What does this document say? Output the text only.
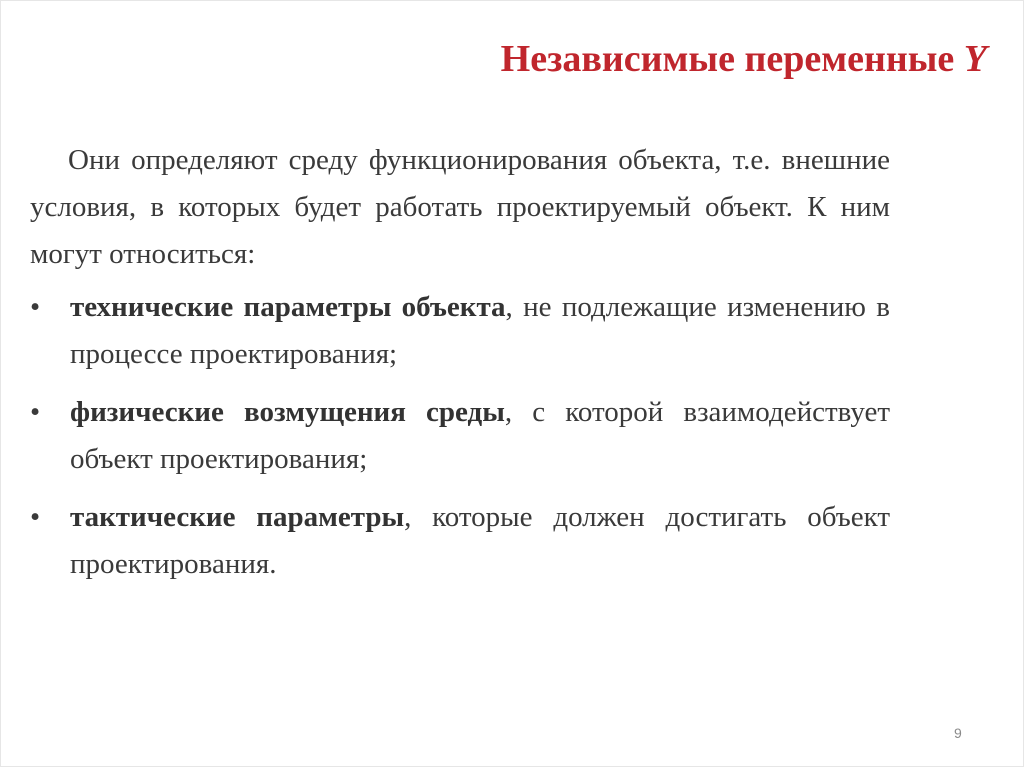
Независимые переменные Y

Они определяют среду функционирования объекта, т.е. внешние условия, в которых будет работать проектируемый объект. К ним могут относиться:

•	технические параметры объекта, не подлежащие изменению в процессе проектирования;
•	физические возмущения среды, с которой взаимодействует объект проектирования;
•	тактические параметры, которые должен достигать объект проектирования.
9
